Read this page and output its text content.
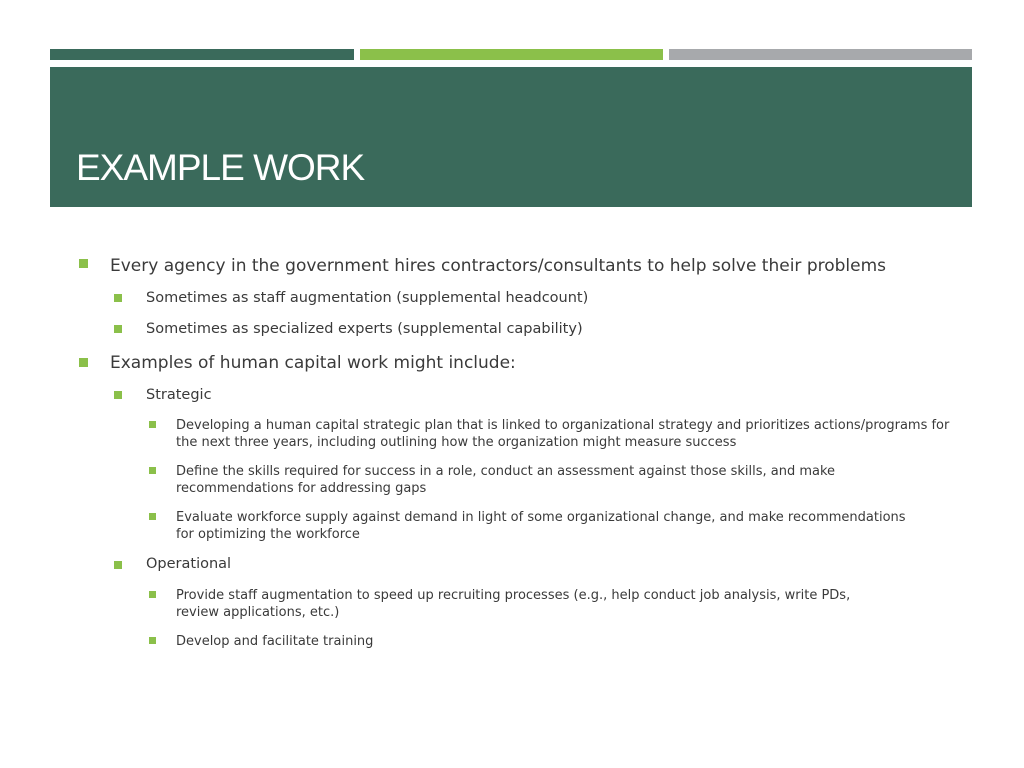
EXAMPLE WORK
Every agency in the government hires contractors/consultants to help solve their problems
Sometimes as staff augmentation (supplemental headcount)
Sometimes as specialized experts (supplemental capability)
Examples of human capital work might include:
Strategic
Developing a human capital strategic plan that is linked to organizational strategy and prioritizes actions/programs for the next three years, including outlining how the organization might measure success
Define the skills required for success in a role, conduct an assessment against those skills, and make recommendations for addressing gaps
Evaluate workforce supply against demand in light of some organizational change, and make recommendations for optimizing the workforce
Operational
Provide staff augmentation to speed up recruiting processes (e.g., help conduct job analysis, write PDs, review applications, etc.)
Develop and facilitate training
